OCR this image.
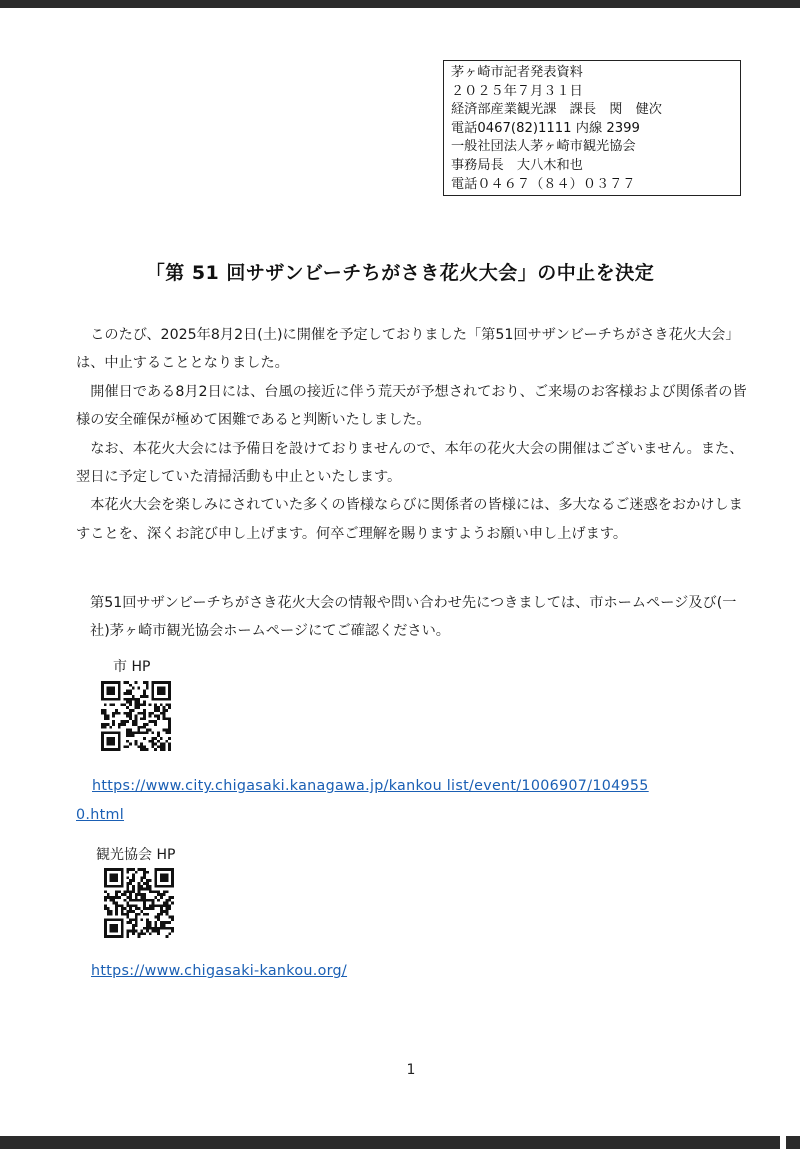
茅ヶ崎市記者発表資料
２０２５年７月３１日
経済部産業観光課　課長　関　健次
電話0467(82)1111 内線 2399
一般社団法人茅ヶ崎市観光協会
事務局長　大八木和也
電話０４６７（８４）０３７７
「第 51 回サザンビーチちがさき花火大会」の中止を決定

このたび、2025年8月2日(土)に開催を予定しておりました「第51回サザンビーチちがさき花火大会」は、中止することとなりました。

開催日である8月2日には、台風の接近に伴う荒天が予想されており、ご来場のお客様および関係者の皆様の安全確保が極めて困難であると判断いたしました。

なお、本花火大会には予備日を設けておりませんので、本年の花火大会の開催はございません。また、翌日に予定していた清掃活動も中止といたします。

本花火大会を楽しみにされていた多くの皆様ならびに関係者の皆様には、多大なるご迷惑をおかけしますことを、深くお詫び申し上げます。何卒ご理解を賜りますようお願い申し上げます。

第51回サザンビーチちがさき花火大会の情報や問い合わせ先につきましては、市ホームページ及び(一社)茅ヶ崎市観光協会ホームページにてご確認ください。
市 HP
https://www.city.chigasaki.kanagawa.jp/kankou list/event/1006907/104955
0.html
観光協会 HP
https://www.chigasaki-kankou.org/
1
